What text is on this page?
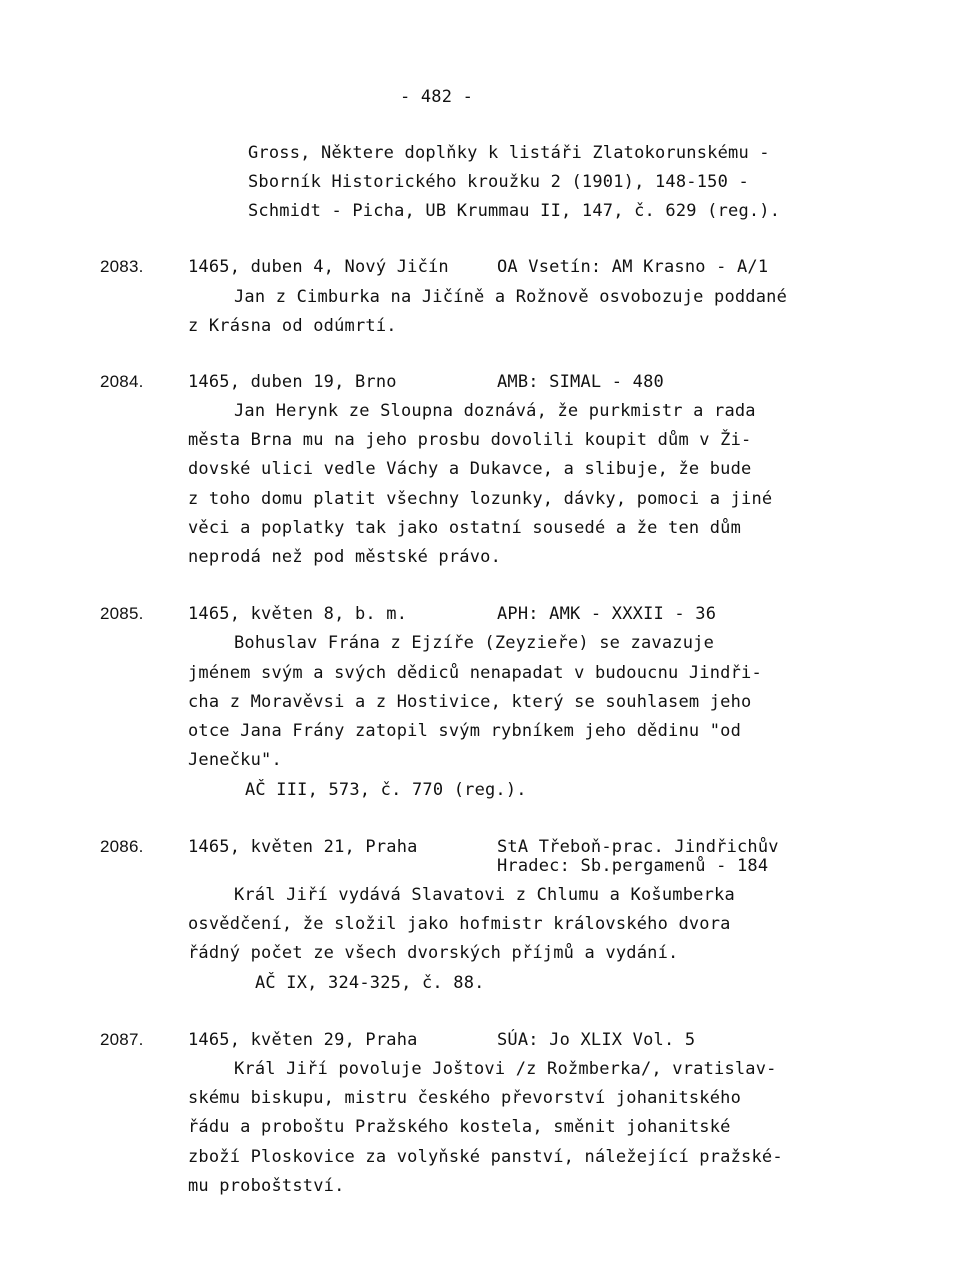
- 482 -
Gross, Některe doplňky k listáři Zlatokorunskému -
Sborník Historického kroužku 2 (1901), 148-150 -
Schmidt - Picha, UB Krummau II, 147, č. 629 (reg.).
2083.	1465, duben 4, Nový Jičín	OA Vsetín: AM Krasno - A/1
Jan z Cimburka na Jičíně a Rožnově osvobozuje poddané
z Krásna od odúmrtí.
2084.	1465, duben 19, Brno	AMB: SIMAL - 480
Jan Herynk ze Sloupna doznává, že purkmistr a rada
města Brna mu na jeho prosbu dovolili koupit dům v Ži-
dovské ulici vedle Váchy a Dukavce, a slibuje, že bude
z toho domu platit všechny lozunky, dávky, pomoci a jiné
věci a poplatky tak jako ostatní sousedé a že ten dům
neprodá než pod městské právo.
2085.	1465, květen 8, b. m.	APH: AMK - XXXII - 36
Bohuslav Frána z Ejzíře (Zeyzieře) se zavazuje
jménem svým a svých dědiců nenapadat v budoucnu Jindři-
cha z Moravěvsi a z Hostivice, který se souhlasem jeho
otce Jana Frány zatopil svým rybníkem jeho dědinu "od
Jenečku".
AČ III, 573, č. 770 (reg.).
2086.	1465, květen 21, Praha	StA Třeboň-prac. Jindřichův
Hradec: Sb.pergamenů - 184
Král Jiří vydává Slavatovi z Chlumu a Košumberka
osvědčení, že složil jako hofmistr královského dvora
řádný počet ze všech dvorských příjmů a vydání.
AČ IX, 324-325, č. 88.
2087.	1465, květen 29, Praha	SÚA: Jo XLIX Vol. 5
Král Jiří povoluje Joštovi /z Rožmberka/, vratislav-
skému biskupu, mistru českého převorství johanitského
řádu a proboštu Pražského kostela, směnit johanitské
zboží Ploskovice za volyňské panství, náležející pražské-
mu proboštství.
